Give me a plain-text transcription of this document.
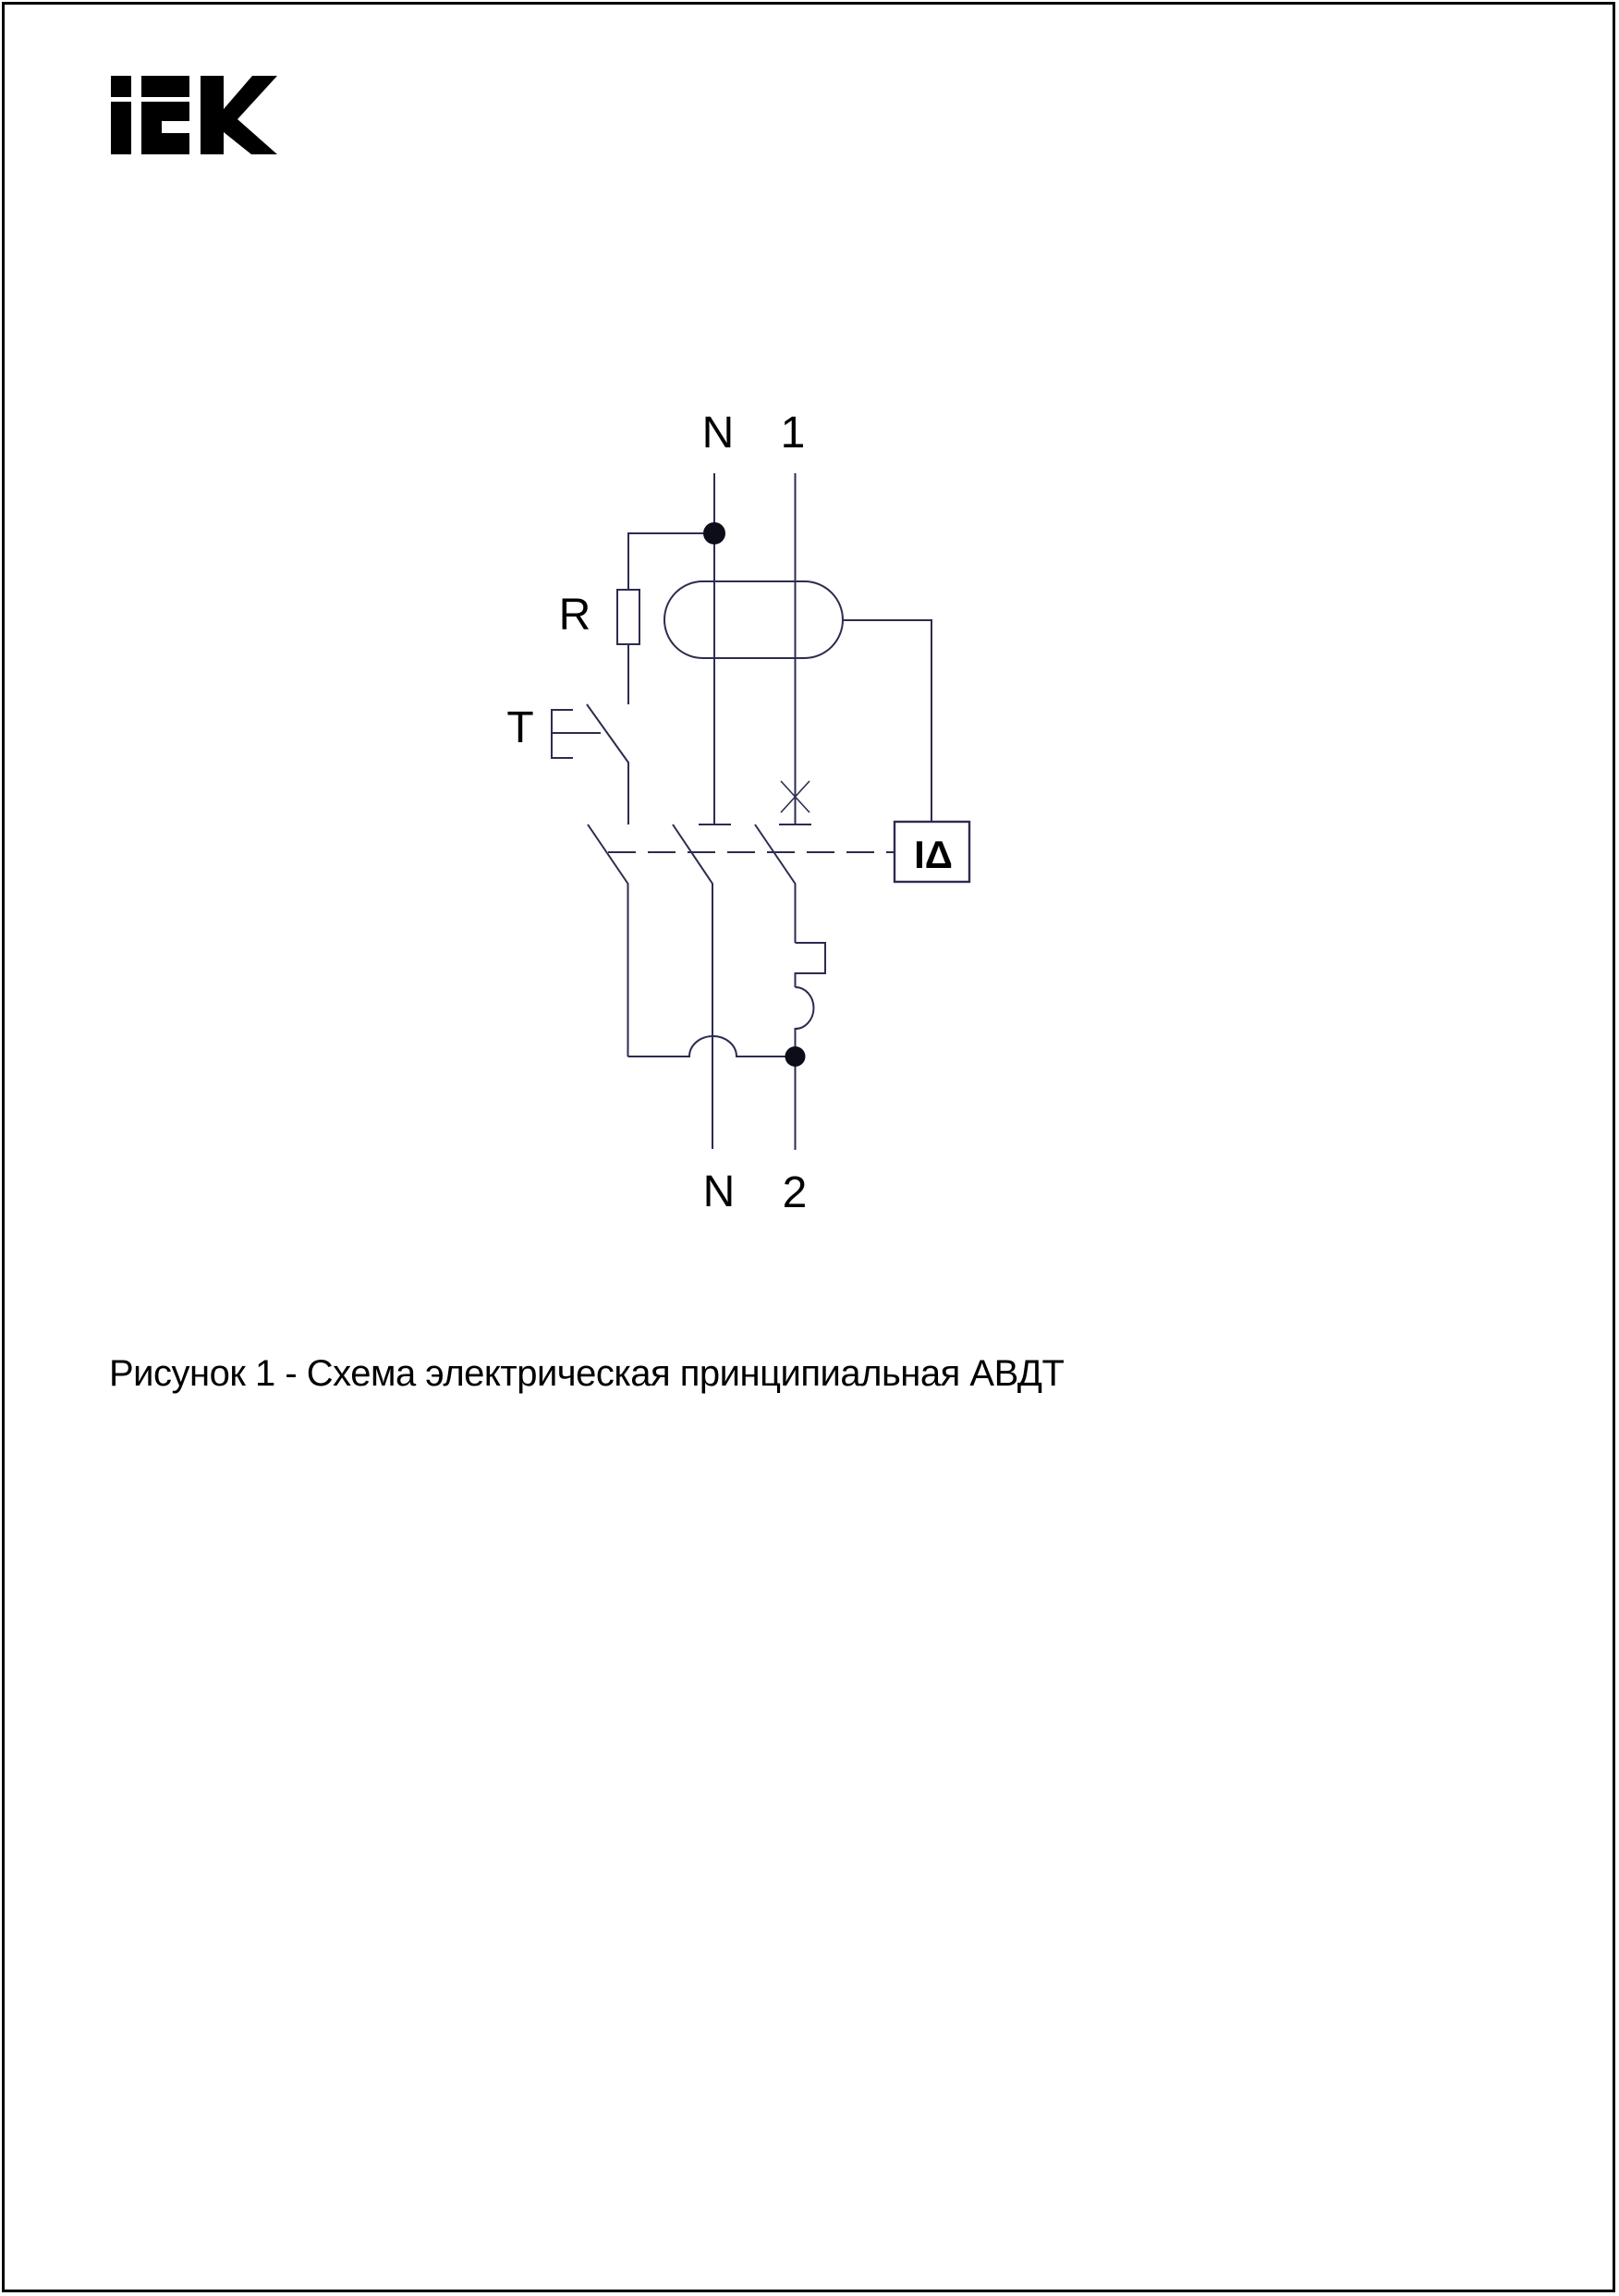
IΔ
N 1
R
T
N 2
Рисунок 1 - Схема электрическая принципиальная АВДТ
